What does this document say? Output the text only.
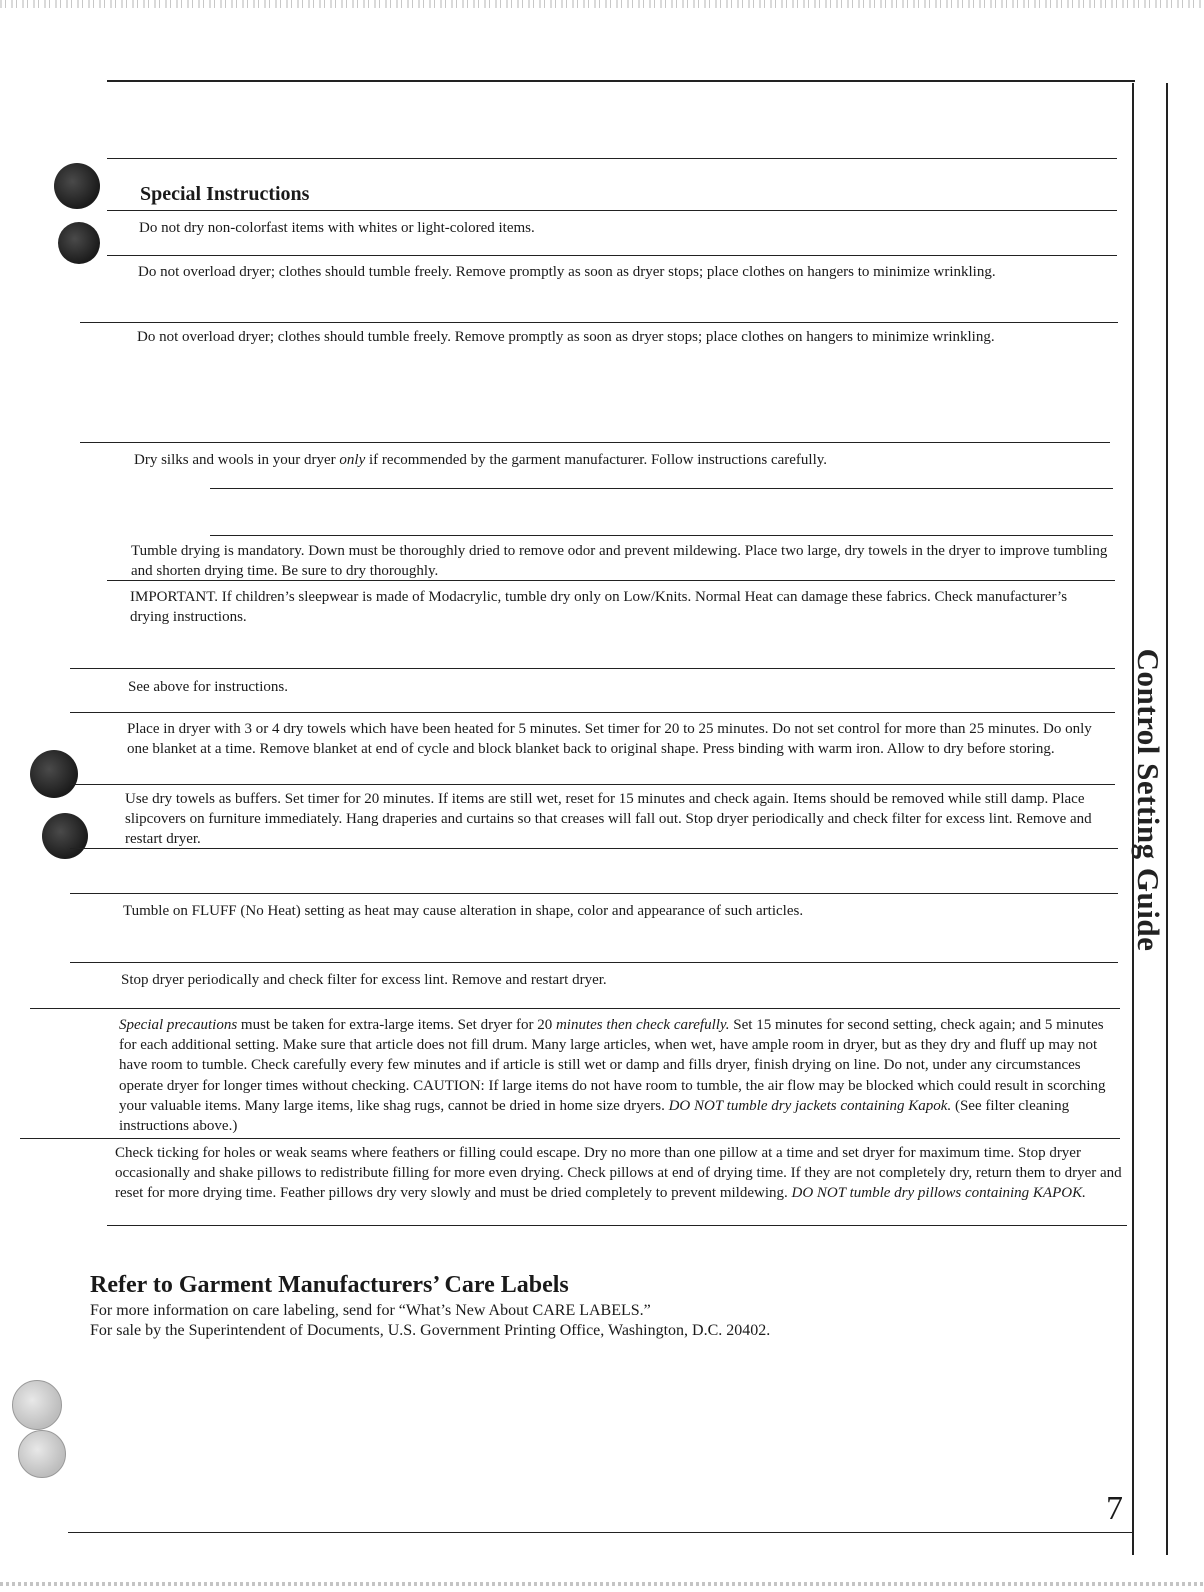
Control Setting Guide
7
Special Instructions
Do not dry non-colorfast items with whites or light-colored items.
Do not overload dryer; clothes should tumble freely. Remove promptly as soon as dryer stops; place clothes on hangers to minimize wrinkling.
Do not overload dryer; clothes should tumble freely. Remove promptly as soon as dryer stops; place clothes on hangers to minimize wrinkling.
Dry silks and wools in your dryer only if recommended by the garment manufacturer. Follow instructions carefully.
Tumble drying is mandatory. Down must be thoroughly dried to remove odor and prevent mildewing. Place two large, dry towels in the dryer to improve tumbling and shorten drying time. Be sure to dry thoroughly.
IMPORTANT. If children’s sleepwear is made of Modacrylic, tumble dry only on Low/Knits. Normal Heat can damage these fabrics. Check manufacturer’s drying instructions.
See above for instructions.
Place in dryer with 3 or 4 dry towels which have been heated for 5 minutes. Set timer for 20 to 25 minutes. Do not set control for more than 25 minutes. Do only one blanket at a time. Remove blanket at end of cycle and block blanket back to original shape. Press binding with warm iron. Allow to dry before storing.
Use dry towels as buffers. Set timer for 20 minutes. If items are still wet, reset for 15 minutes and check again. Items should be removed while still damp. Place slipcovers on furniture immediately. Hang draperies and curtains so that creases will fall out. Stop dryer periodically and check filter for excess lint. Remove and restart dryer.
Tumble on FLUFF (No Heat) setting as heat may cause alteration in shape, color and appearance of such articles.
Stop dryer periodically and check filter for excess lint. Remove and restart dryer.
Special precautions must be taken for extra-large items. Set dryer for 20 minutes then check carefully. Set 15 minutes for second setting, check again; and 5 minutes for each additional setting. Make sure that article does not fill drum. Many large articles, when wet, have ample room in dryer, but as they dry and fluff up may not have room to tumble. Check carefully every few minutes and if article is still wet or damp and fills dryer, finish drying on line. Do not, under any circumstances operate dryer for longer times without checking. CAUTION: If large items do not have room to tumble, the air flow may be blocked which could result in scorching your valuable items. Many large items, like shag rugs, cannot be dried in home size dryers. DO NOT tumble dry jackets containing Kapok. (See filter cleaning instructions above.)
Check ticking for holes or weak seams where feathers or filling could escape. Dry no more than one pillow at a time and set dryer for maximum time. Stop dryer occasionally and shake pillows to redistribute filling for more even drying. Check pillows at end of drying time. If they are not completely dry, return them to dryer and reset for more drying time. Feather pillows dry very slowly and must be dried completely to prevent mildewing. DO NOT tumble dry pillows containing KAPOK.
Refer to Garment Manufacturers’ Care Labels
For more information on care labeling, send for “What’s New About CARE LABELS.”
For sale by the Superintendent of Documents, U.S. Government Printing Office, Washington, D.C. 20402.
